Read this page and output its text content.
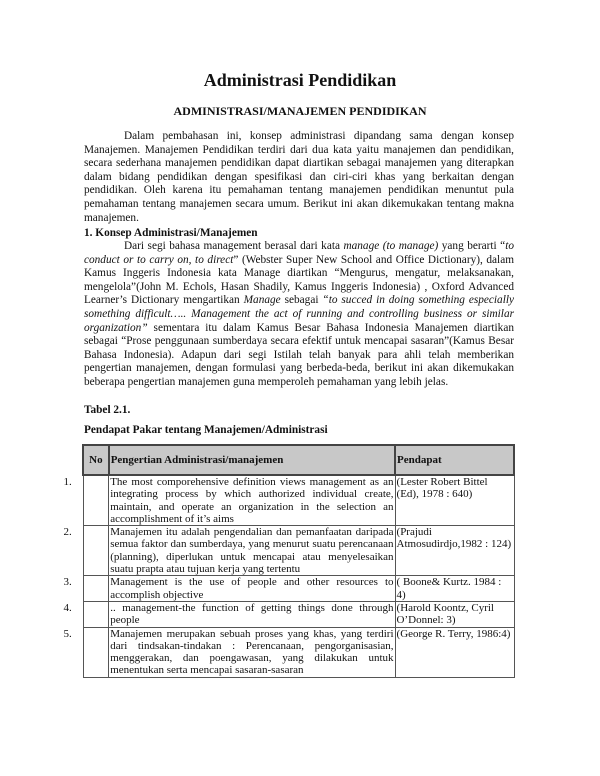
Administrasi Pendidikan
ADMINISTRASI/MANAJEMEN PENDIDIKAN

Dalam pembahasan ini, konsep administrasi dipandang sama dengan konsep Manajemen. Manajemen Pendidikan terdiri dari dua kata yaitu manajemen dan pendidikan, secara sederhana manajemen pendidikan dapat diartikan sebagai manajemen yang diterapkan dalam bidang pendidikan dengan spesifikasi dan ciri-ciri khas yang berkaitan dengan pendidikan. Oleh karena itu pemahaman tentang manajemen pendidikan menuntut pula pemahaman tentang manajemen secara umum. Berikut ini akan dikemukakan tentang makna manajemen.

1. Konsep Administrasi/Manajemen

Dari segi bahasa management berasal dari kata manage (to manage) yang berarti “to conduct or to carry on, to direct” (Webster Super New School and Office Dictionary), dalam Kamus Inggeris Indonesia kata Manage diartikan “Mengurus, mengatur, melaksanakan, mengelola”(John M. Echols, Hasan Shadily, Kamus Inggeris Indonesia) , Oxford Advanced Learner’s Dictionary mengartikan Manage sebagai “to succed in doing something especially something difficult….. Management the act of running and controlling business or similar organization” sementara itu dalam Kamus Besar Bahasa Indonesia Manajemen diartikan sebagai “Prose penggunaan sumberdaya secara efektif untuk mencapai sasaran”(Kamus Besar Bahasa Indonesia). Adapun dari segi Istilah telah banyak para ahli telah memberikan pengertian manajemen, dengan formulasi yang berbeda-beda, berikut ini akan dikemukakan beberapa pengertian manajemen guna memperoleh pemahaman yang lebih jelas.

Tabel 2.1.

Pendapat Pakar tentang Manajemen/Administrasi

No	Pengertian Administrasi/manajemen	Pendapat

1.	The most comporehensive definition views management as an integrating process by which authorized individual create, maintain, and operate an organization in the selection an accomplishment of it’s aims	(Lester Robert Bittel (Ed), 1978 : 640)

2.	Manajemen itu adalah pengendalian dan pemanfaatan daripada semua faktor dan sumberdaya, yang menurut suatu perencanaan (planning), diperlukan untuk mencapai atau menyelesaikan suatu prapta atau tujuan kerja yang tertentu	(Prajudi Atmosudirdjo,1982 : 124)

3.	Management is the use of people and other resources to accomplish objective	( Boone& Kurtz. 1984 : 4)

4.	.. management-the function of getting things done through people	(Harold Koontz, Cyril O’Donnel: 3)

5.	Manajemen merupakan sebuah proses yang khas, yang terdiri dari tindsakan-tindakan : Perencanaan, pengorganisasian, menggerakan, dan poengawasan, yang dilakukan untuk menentukan serta mencapai sasaran-sasaran	(George R. Terry, 1986:4)
